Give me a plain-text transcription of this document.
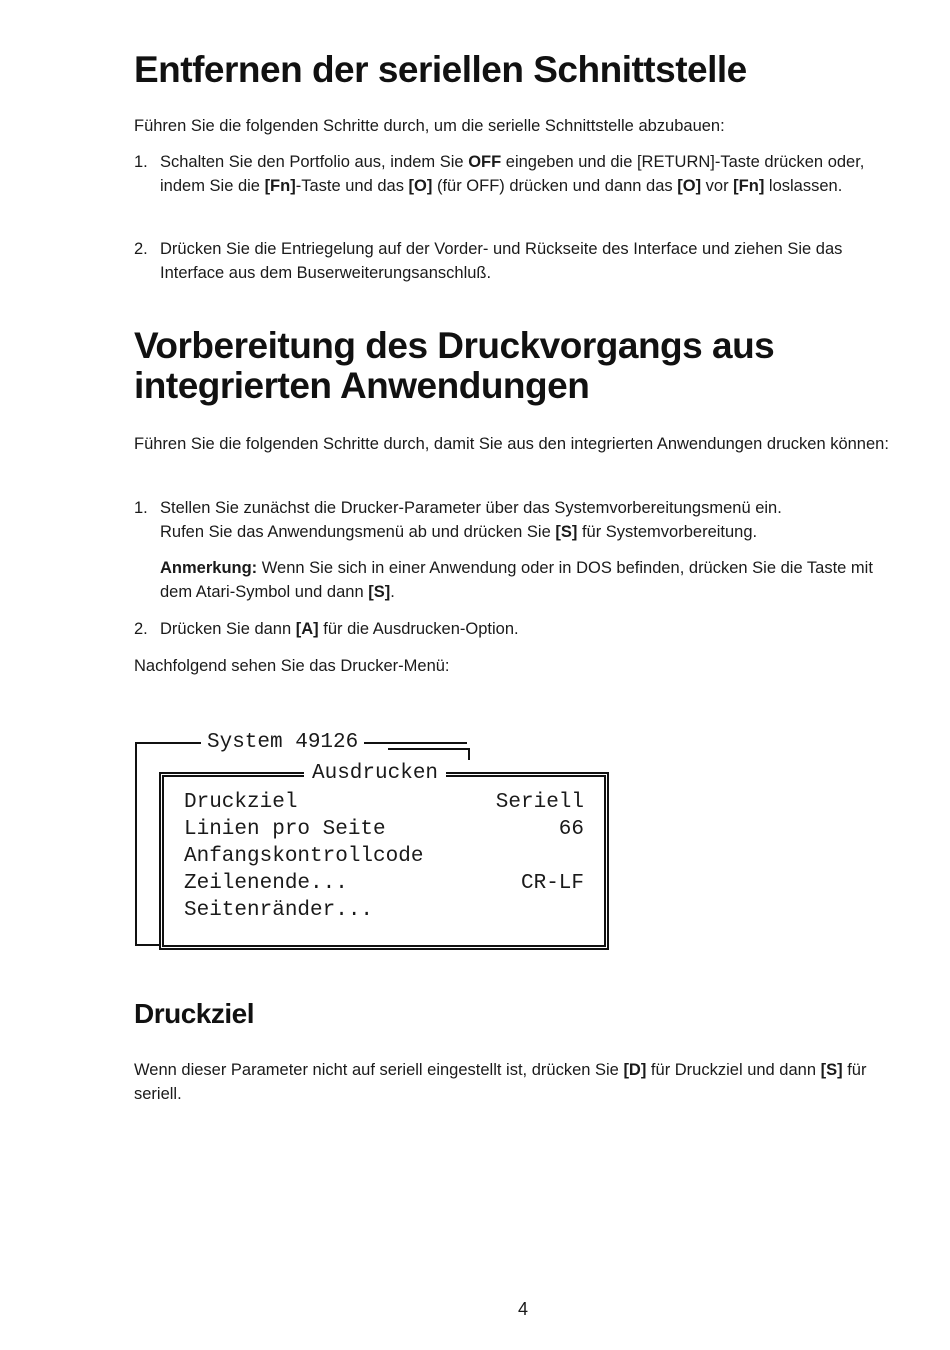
Entfernen der seriellen Schnittstelle

Führen Sie die folgenden Schritte durch, um die serielle Schnittstelle abzubauen:

1. Schalten Sie den Portfolio aus, indem Sie OFF eingeben und die [RETURN]-Taste drücken oder, indem Sie die [Fn]-Taste und das [O] (für OFF) drücken und dann das [O] vor [Fn] loslassen.
2. Drücken Sie die Entriegelung auf der Vorder- und Rückseite des Interface und ziehen Sie das Interface aus dem Buserweiterungsanschluß.
Vorbereitung des Druckvorgangs aus integrierten Anwendungen

Führen Sie die folgenden Schritte durch, damit Sie aus den integrierten Anwendungen drucken können:

1. Stellen Sie zunächst die Drucker-Parameter über das Systemvorbereitungsmenü ein.
Rufen Sie das Anwendungsmenü ab und drücken Sie [S] für Systemvorbereitung.
Anmerkung: Wenn Sie sich in einer Anwendung oder in DOS befinden, drücken Sie die Taste mit dem Atari-Symbol und dann [S].
2. Drücken Sie dann [A] für die Ausdrucken-Option.

Nachfolgend sehen Sie das Drucker-Menü:

System 49126
Ausdrucken
Druckziel	Seriell
Linien pro Seite	66
Anfangskontrollcode
Zeilenende...	CR-LF
Seitenränder...
Druckziel

Wenn dieser Parameter nicht auf seriell eingestellt ist, drücken Sie [D] für Druckziel und dann [S] für seriell.

4
